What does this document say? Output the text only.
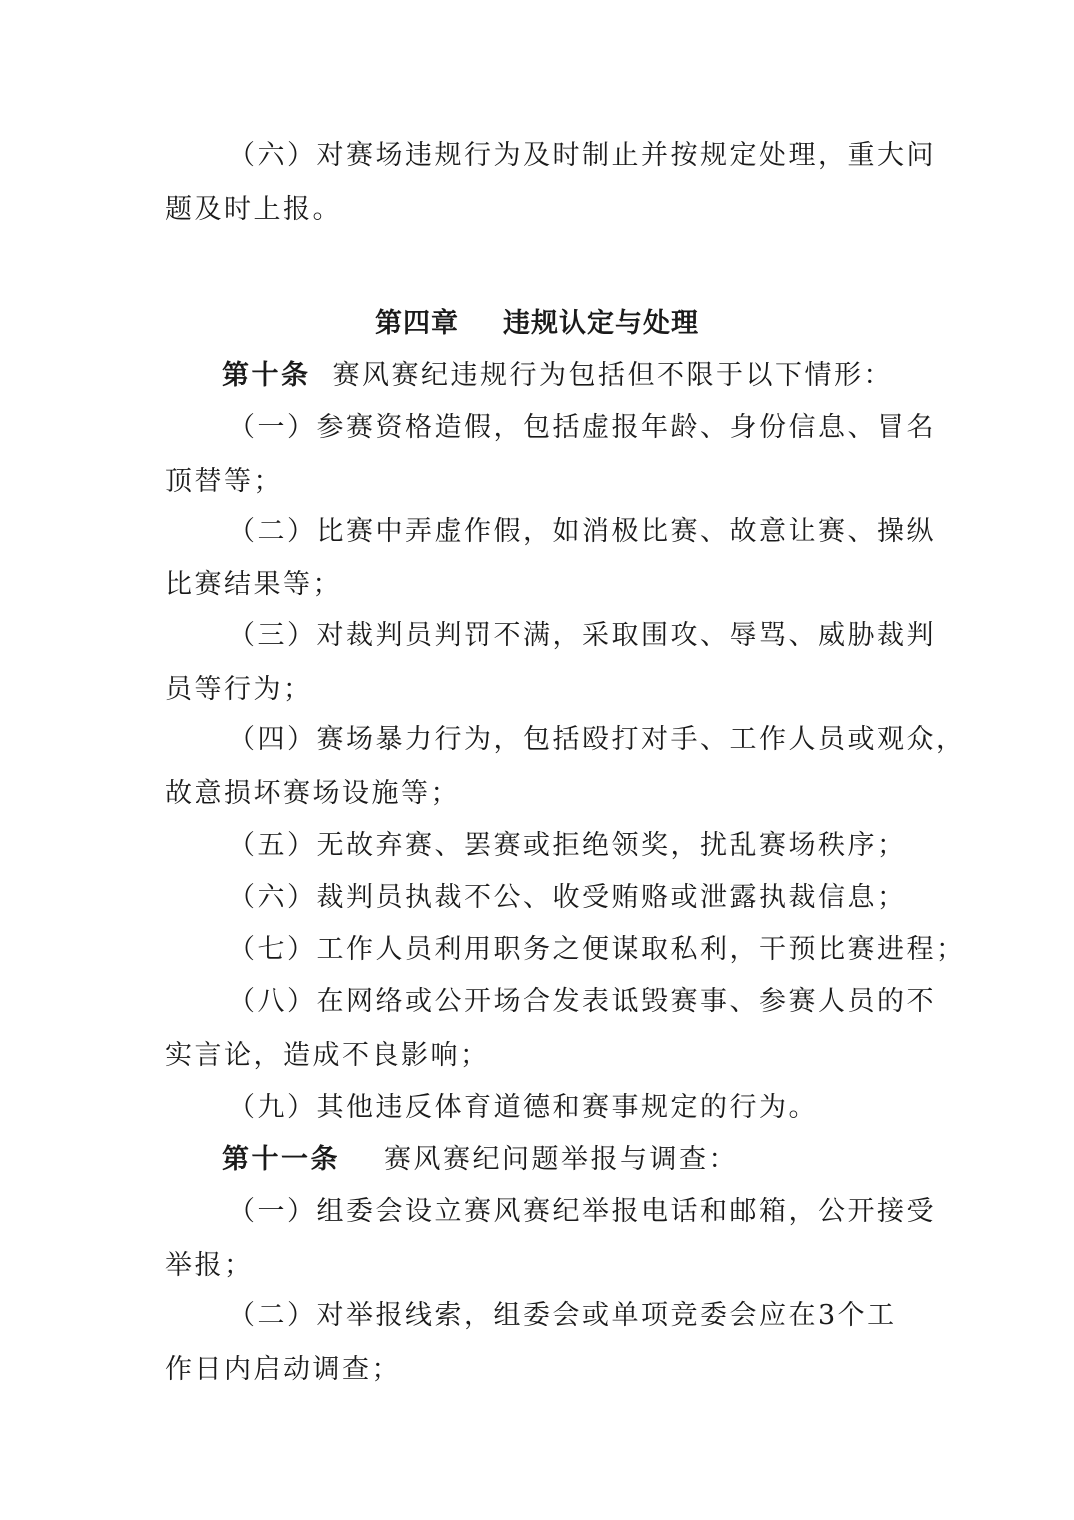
（六）对赛场违规行为及时制止并按规定处理，重大问
题及时上报。
第四章 违规认定与处理
第十条 赛风赛纪违规行为包括但不限于以下情形：
（一）参赛资格造假，包括虚报年龄、身份信息、冒名
顶替等；
（二）比赛中弄虚作假，如消极比赛、故意让赛、操纵
比赛结果等；
（三）对裁判员判罚不满，采取围攻、辱骂、威胁裁判
员等行为；
（四）赛场暴力行为，包括殴打对手、工作人员或观众，
故意损坏赛场设施等；
（五）无故弃赛、罢赛或拒绝领奖，扰乱赛场秩序；
（六）裁判员执裁不公、收受贿赂或泄露执裁信息；
（七）工作人员利用职务之便谋取私利，干预比赛进程；
（八）在网络或公开场合发表诋毁赛事、参赛人员的不
实言论，造成不良影响；
（九）其他违反体育道德和赛事规定的行为。
第十一条 赛风赛纪问题举报与调查：
（一）组委会设立赛风赛纪举报电话和邮箱，公开接受
举报；
（二）对举报线索，组委会或单项竞委会应在3个工
作日内启动调查；
